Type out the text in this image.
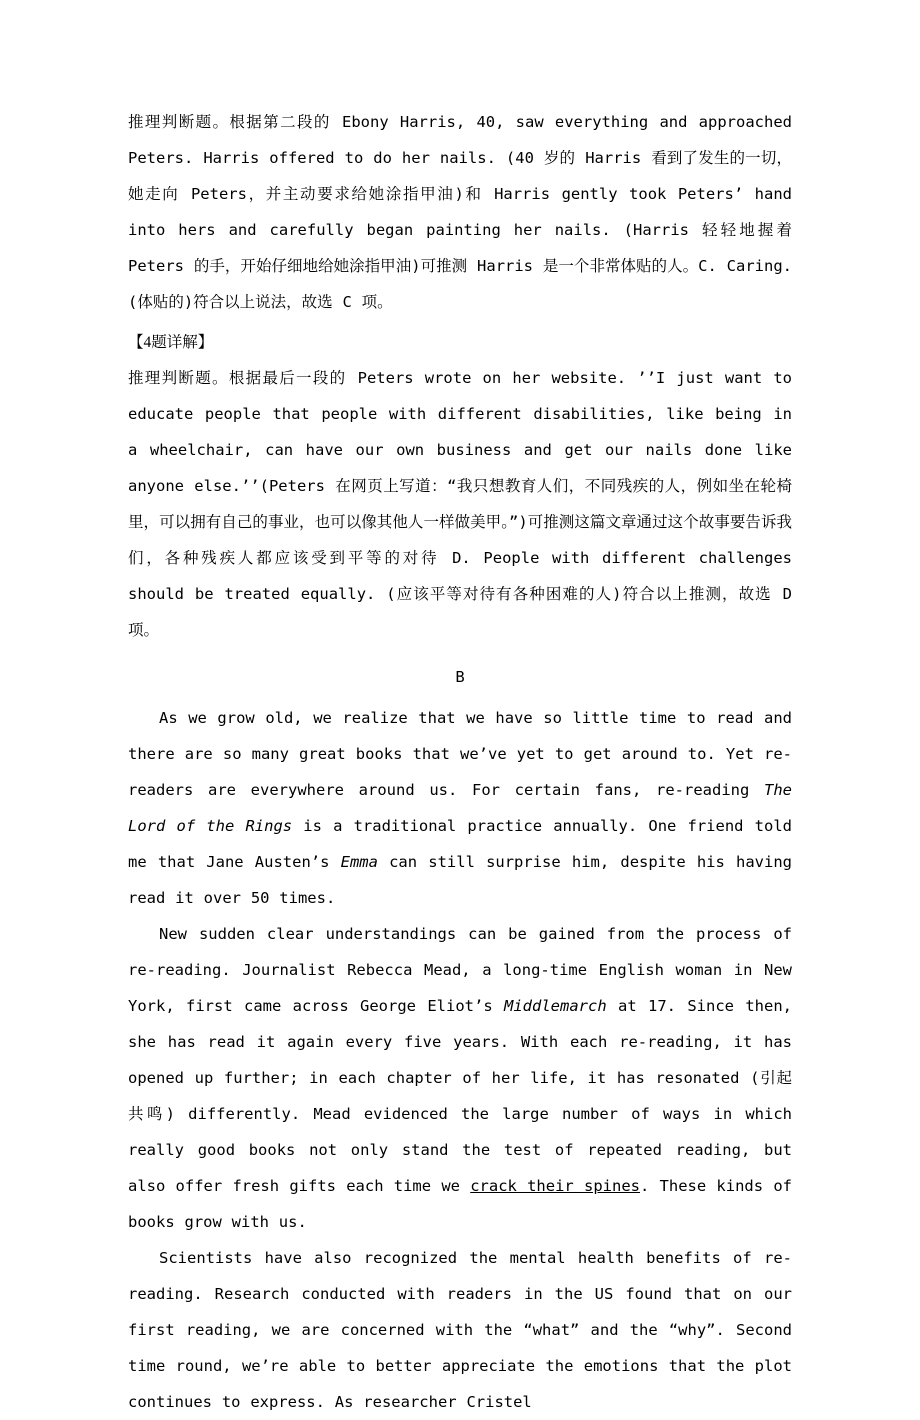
推理判断题。根据第二段的 Ebony Harris, 40, saw everything and approached Peters. Harris offered to do her nails. (40 岁的 Harris 看到了发生的一切，她走向 Peters，并主动要求给她涂指甲油)和 Harris gently took Peters’ hand into hers and carefully began painting her nails. (Harris 轻轻地握着 Peters 的手，开始仔细地给她涂指甲油)可推测 Harris 是一个非常体贴的人。C. Caring.(体贴的)符合以上说法，故选 C 项。

【4题详解】

推理判断题。根据最后一段的 Peters wrote on her website. ’’I just want to educate people that people with different disabilities, like being in a wheelchair, can have our own business and get our nails done like anyone else.’’(Peters 在网页上写道：“我只想教育人们，不同残疾的人，例如坐在轮椅里，可以拥有自己的事业，也可以像其他人一样做美甲。”)可推测这篇文章通过这个故事要告诉我们，各种残疾人都应该受到平等的对待 D. People with different challenges should be treated equally. (应该平等对待有各种困难的人)符合以上推测，故选 D 项。

B

As we grow old, we realize that we have so little time to read and there are so many great books that we’ve yet to get around to. Yet re-readers are everywhere around us. For certain fans, re-reading The Lord of the Rings is a traditional practice annually. One friend told me that Jane Austen’s Emma can still surprise him, despite his having read it over 50 times.

New sudden clear understandings can be gained from the process of re-reading. Journalist Rebecca Mead, a long-time English woman in New York, first came across George Eliot’s Middlemarch at 17. Since then, she has read it again every five years. With each re-reading, it has opened up further; in each chapter of her life, it has resonated (引起共鸣) differently. Mead evidenced the large number of ways in which really good books not only stand the test of repeated reading, but also offer fresh gifts each time we crack their spines. These kinds of books grow with us.

Scientists have also recognized the mental health benefits of re-reading. Research conducted with readers in the US found that on our first reading, we are concerned with the “what” and the “why”. Second time round, we’re able to better appreciate the emotions that the plot continues to express. As researcher Cristel
